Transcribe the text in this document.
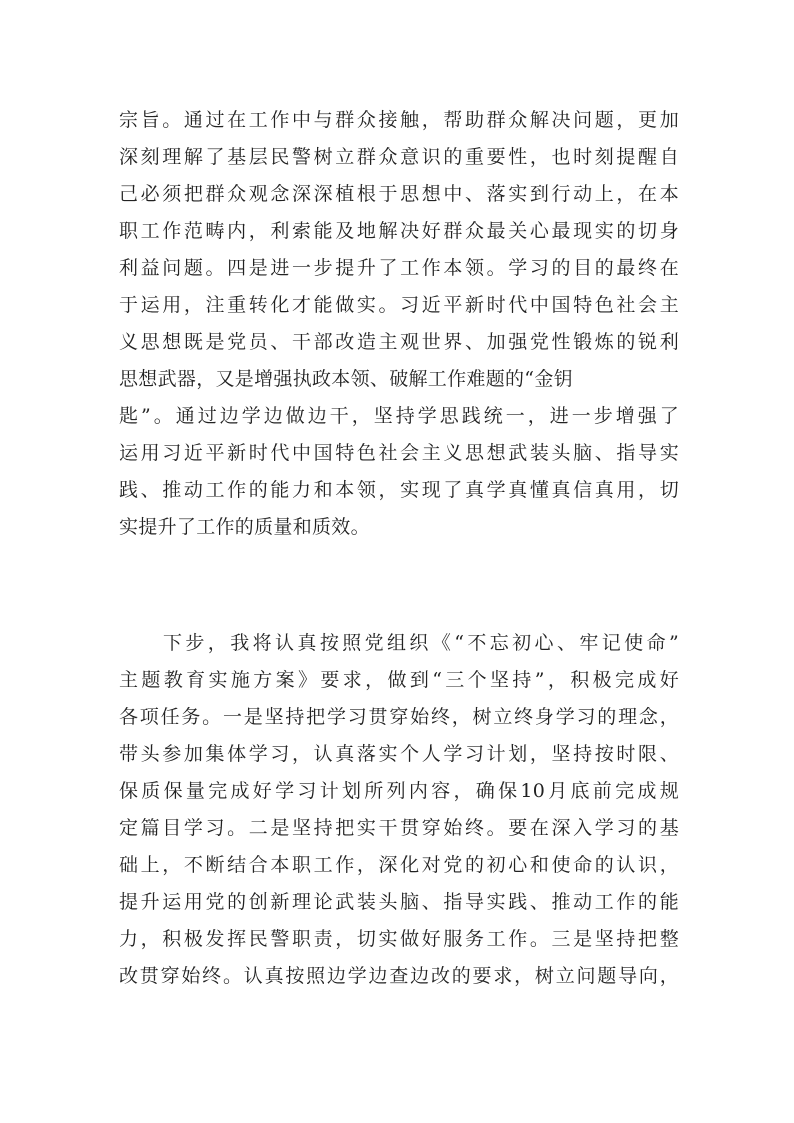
宗旨。通过在工作中与群众接触，帮助群众解决问题，更加
深刻理解了基层民警树立群众意识的重要性，也时刻提醒自
己必须把群众观念深深植根于思想中、落实到行动上，在本
职工作范畴内，利索能及地解决好群众最关心最现实的切身
利益问题。四是进一步提升了工作本领。学习的目的最终在
于运用，注重转化才能做实。习近平新时代中国特色社会主
义思想既是党员、干部改造主观世界、加强党性锻炼的锐利
思想武器，又是增强执政本领、破解工作难题的“金钥
匙”。通过边学边做边干，坚持学思践统一，进一步增强了
运用习近平新时代中国特色社会主义思想武装头脑、指导实
践、推动工作的能力和本领，实现了真学真懂真信真用，切
实提升了工作的质量和质效。
下步，我将认真按照党组织《“不忘初心、牢记使命”
主题教育实施方案》要求，做到“三个坚持”，积极完成好
各项任务。一是坚持把学习贯穿始终，树立终身学习的理念，
带头参加集体学习，认真落实个人学习计划，坚持按时限、
保质保量完成好学习计划所列内容，确保10月底前完成规
定篇目学习。二是坚持把实干贯穿始终。要在深入学习的基
础上，不断结合本职工作，深化对党的初心和使命的认识，
提升运用党的创新理论武装头脑、指导实践、推动工作的能
力，积极发挥民警职责，切实做好服务工作。三是坚持把整
改贯穿始终。认真按照边学边查边改的要求，树立问题导向，
